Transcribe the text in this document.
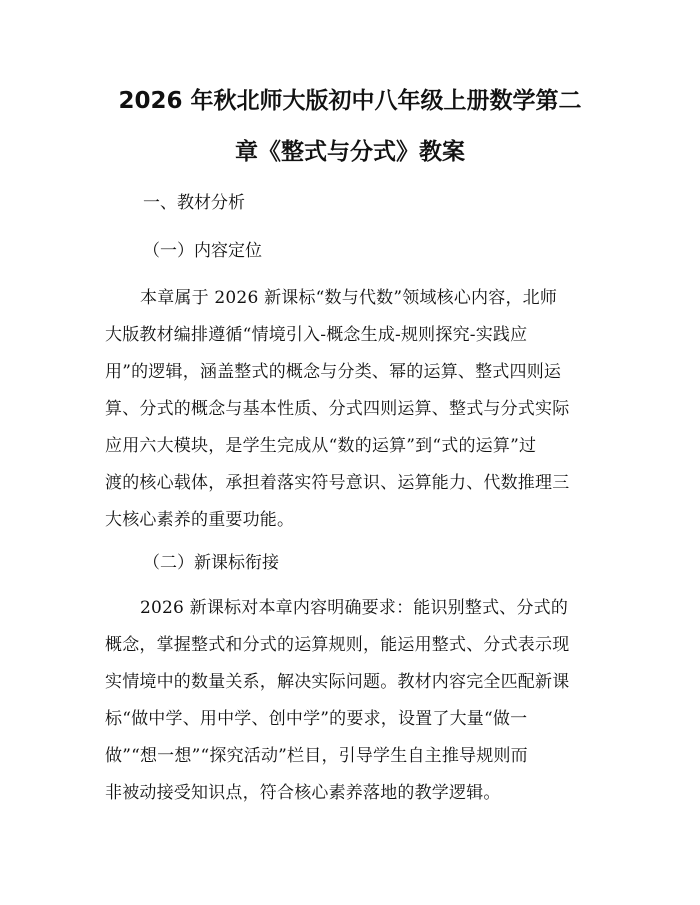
2026 年秋北师大版初中八年级上册数学第二
章《整式与分式》教案
一、教材分析
（一）内容定位
本章属于 2026 新课标“数与代数”领域核心内容，北师
大版教材编排遵循“情境引入-概念生成-规则探究-实践应
用”的逻辑，涵盖整式的概念与分类、幂的运算、整式四则运
算、分式的概念与基本性质、分式四则运算、整式与分式实际
应用六大模块，是学生完成从“数的运算”到“式的运算”过
渡的核心载体，承担着落实符号意识、运算能力、代数推理三
大核心素养的重要功能。
（二）新课标衔接
2026 新课标对本章内容明确要求：能识别整式、分式的
概念，掌握整式和分式的运算规则，能运用整式、分式表示现
实情境中的数量关系，解决实际问题。教材内容完全匹配新课
标“做中学、用中学、创中学”的要求，设置了大量“做一
做”“想一想”“探究活动”栏目，引导学生自主推导规则而
非被动接受知识点，符合核心素养落地的教学逻辑。
